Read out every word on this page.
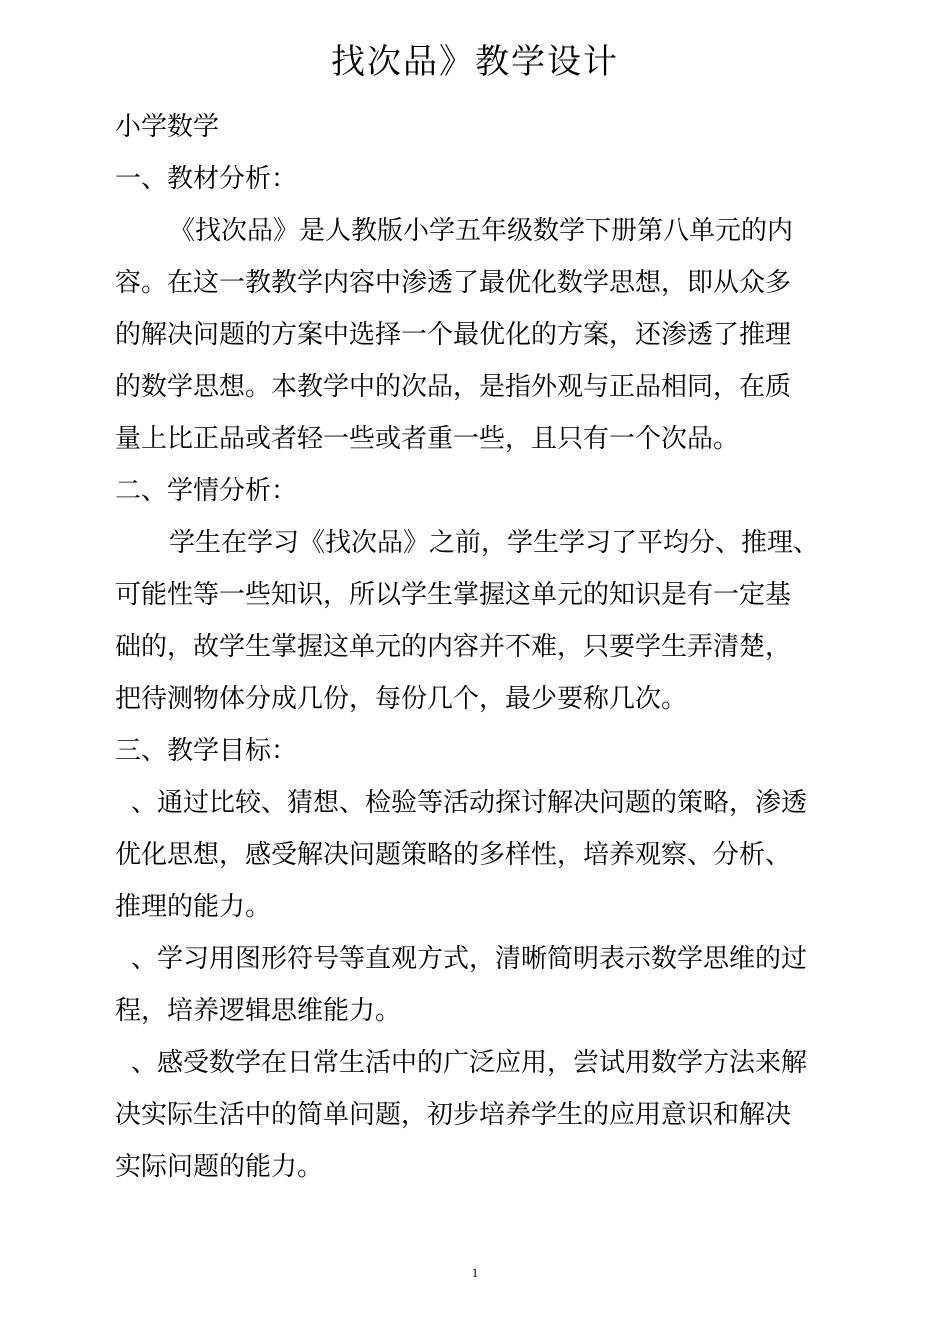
找次品》教学设计
小学数学
一、教材分析：
《找次品》是人教版小学五年级数学下册第八单元的内
容。在这一教教学内容中渗透了最优化数学思想，即从众多
的解决问题的方案中选择一个最优化的方案，还渗透了推理
的数学思想。本教学中的次品，是指外观与正品相同，在质
量上比正品或者轻一些或者重一些，且只有一个次品。
二、学情分析：
学生在学习《找次品》之前，学生学习了平均分、推理、
可能性等一些知识，所以学生掌握这单元的知识是有一定基
础的，故学生掌握这单元的内容并不难，只要学生弄清楚，
把待测物体分成几份，每份几个，最少要称几次。
三、教学目标：
、通过比较、猜想、检验等活动探讨解决问题的策略，渗透
优化思想，感受解决问题策略的多样性，培养观察、分析、
推理的能力。
、学习用图形符号等直观方式，清晰简明表示数学思维的过
程，培养逻辑思维能力。
、感受数学在日常生活中的广泛应用，尝试用数学方法来解
决实际生活中的简单问题，初步培养学生的应用意识和解决
实际问题的能力。
1
